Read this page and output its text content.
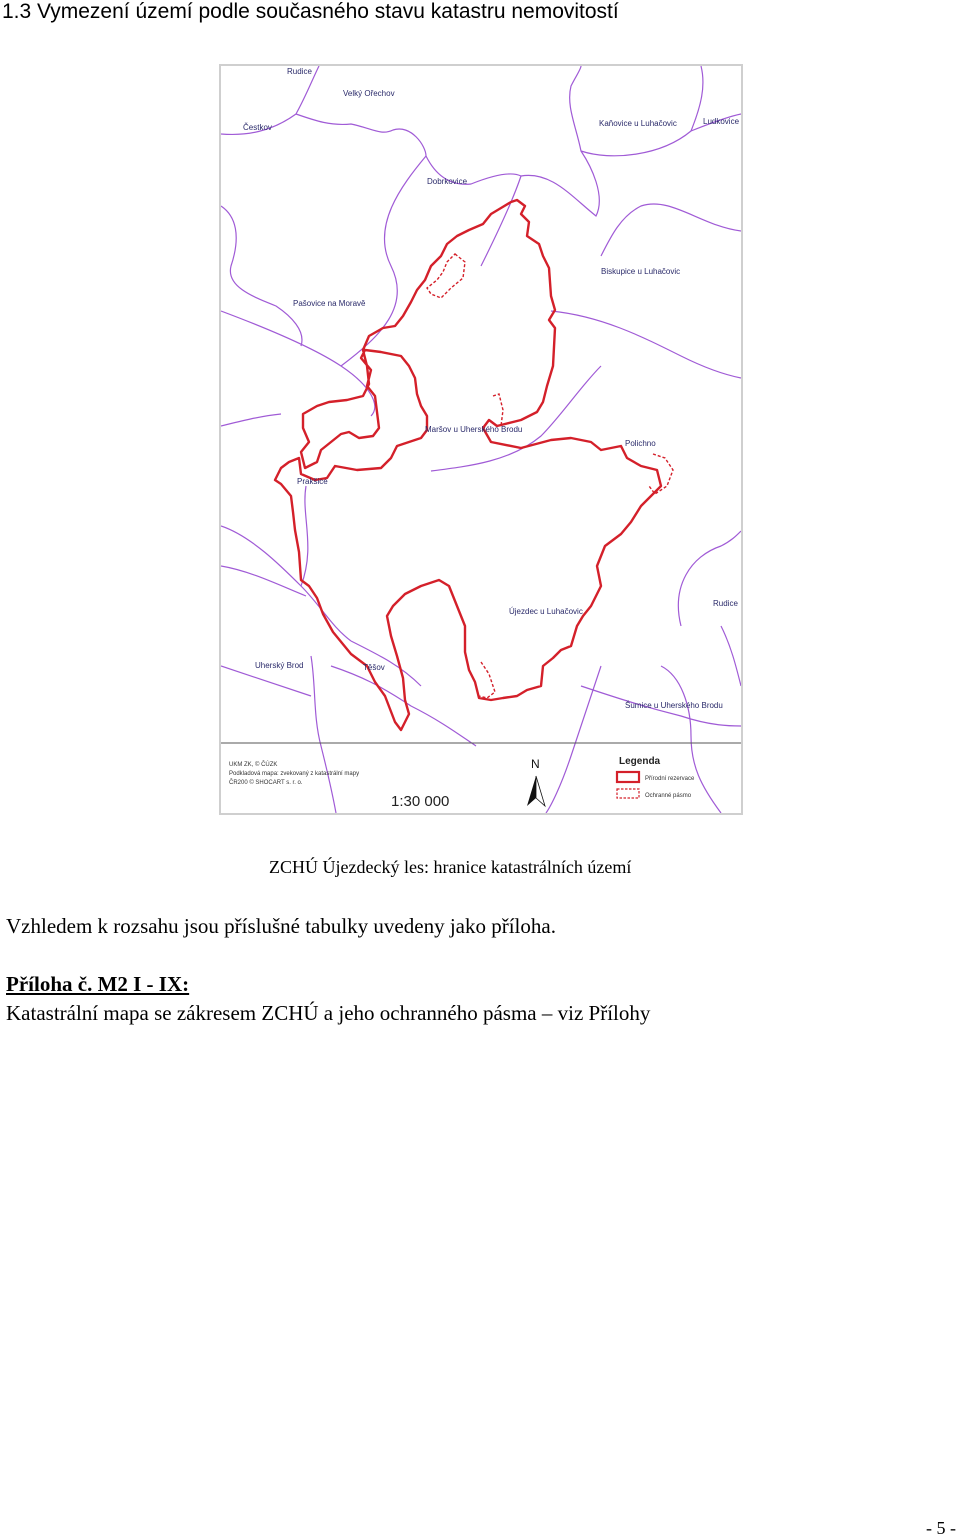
1.3 Vymezení území podle současného stavu katastru nemovitostí
Rudice
Velký Ořechov
Čestkov	Kaňovice u Luhačovic	Ludkovice
Dobrkovice
Biskupice u Luhačovic
Pašovice na Moravě
Maršov u Uherského Brodu
Polichno
Prakšice
Újezdec u Luhačovic
Rudice
Uherský Brod	Těšov
Šumice u Uherského Brodu
UKM ZK, © ČÚZK
Podkladová mapa: zvekovaný z katastrální mapy
ČR200 © SHOCART s. r. o.
1:30 000
N	Legenda
Přírodní rezervace
Ochranné pásmo
ZCHÚ Újezdecký les: hranice katastrálních území
Vzhledem k rozsahu jsou příslušné tabulky uvedeny jako příloha.
Příloha č. M2 I - IX:
Katastrální mapa se zákresem ZCHÚ a jeho ochranného pásma – viz Přílohy
- 5 -
